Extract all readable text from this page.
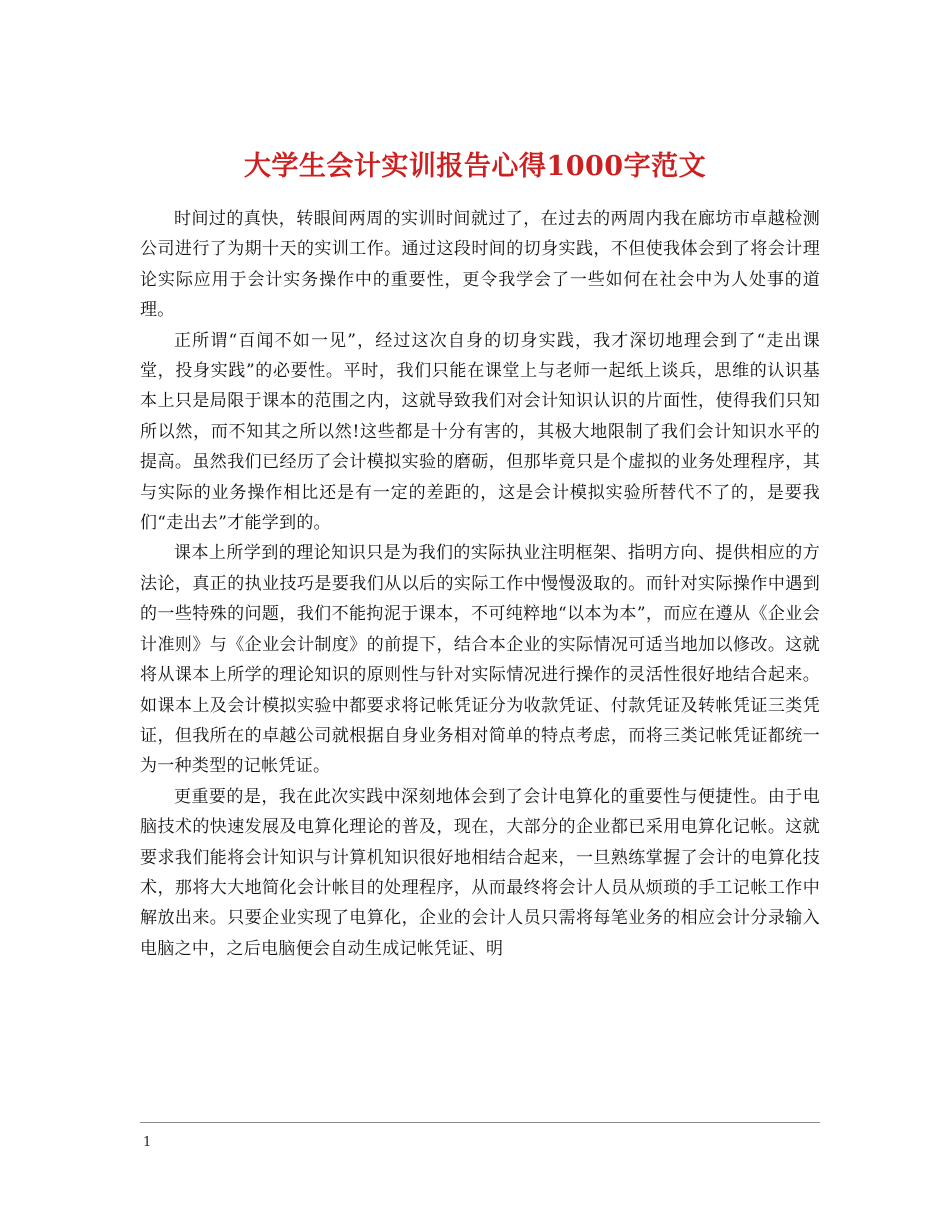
大学生会计实训报告心得1000字范文

时间过的真快，转眼间两周的实训时间就过了，在过去的两周内我在廊坊市卓越检测公司进行了为期十天的实训工作。通过这段时间的切身实践，不但使我体会到了将会计理论实际应用于会计实务操作中的重要性，更令我学会了一些如何在社会中为人处事的道理。

正所谓“百闻不如一见”，经过这次自身的切身实践，我才深切地理会到了“走出课堂，投身实践”的必要性。平时，我们只能在课堂上与老师一起纸上谈兵，思维的认识基本上只是局限于课本的范围之内，这就导致我们对会计知识认识的片面性，使得我们只知所以然，而不知其之所以然!这些都是十分有害的，其极大地限制了我们会计知识水平的提高。虽然我们已经历了会计模拟实验的磨砺，但那毕竟只是个虚拟的业务处理程序，其与实际的业务操作相比还是有一定的差距的，这是会计模拟实验所替代不了的，是要我们“走出去”才能学到的。

课本上所学到的理论知识只是为我们的实际执业注明框架、指明方向、提供相应的方法论，真正的执业技巧是要我们从以后的实际工作中慢慢汲取的。而针对实际操作中遇到的一些特殊的问题，我们不能拘泥于课本，不可纯粹地“以本为本”，而应在遵从《企业会计准则》与《企业会计制度》的前提下，结合本企业的实际情况可适当地加以修改。这就将从课本上所学的理论知识的原则性与针对实际情况进行操作的灵活性很好地结合起来。如课本上及会计模拟实验中都要求将记帐凭证分为收款凭证、付款凭证及转帐凭证三类凭证，但我所在的卓越公司就根据自身业务相对简单的特点考虑，而将三类记帐凭证都统一为一种类型的记帐凭证。

更重要的是，我在此次实践中深刻地体会到了会计电算化的重要性与便捷性。由于电脑技术的快速发展及电算化理论的普及，现在，大部分的企业都已采用电算化记帐。这就要求我们能将会计知识与计算机知识很好地相结合起来，一旦熟练掌握了会计的电算化技术，那将大大地简化会计帐目的处理程序，从而最终将会计人员从烦琐的手工记帐工作中解放出来。只要企业实现了电算化，企业的会计人员只需将每笔业务的相应会计分录输入电脑之中，之后电脑便会自动生成记帐凭证、明

1
